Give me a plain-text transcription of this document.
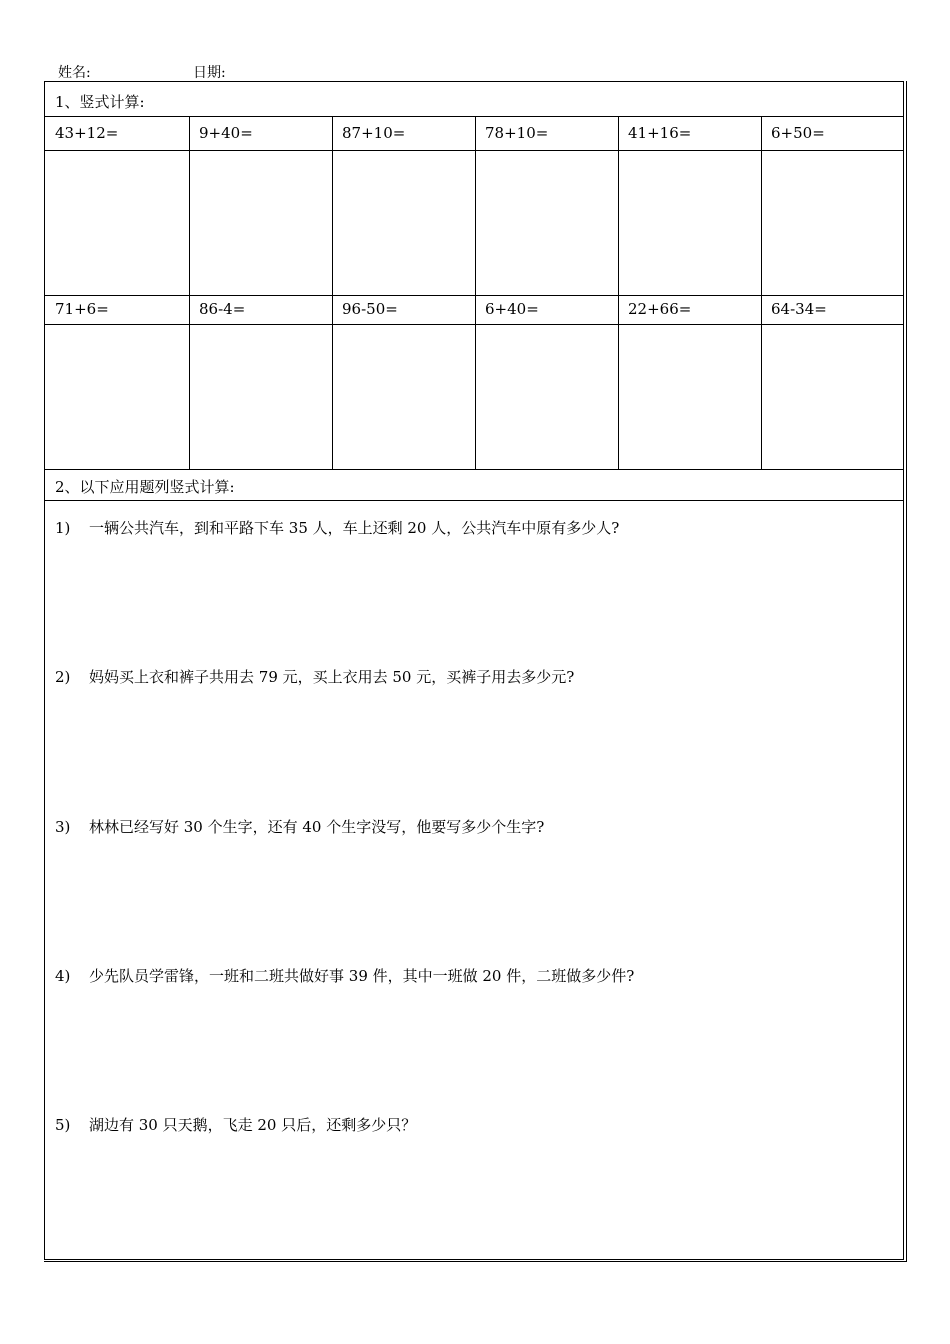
姓名:	日期:
1、竖式计算:
43+12=	9+40=	87+10=	78+10=	41+16=	6+50=
71+6=	86-4=	96-50=	6+40=	22+66=	64-34=
2、以下应用题列竖式计算:
1) 一辆公共汽车，到和平路下车 35 人，车上还剩 20 人，公共汽车中原有多少人?
2) 妈妈买上衣和裤子共用去 79 元，买上衣用去 50 元，买裤子用去多少元?
3) 林林已经写好 30 个生字，还有 40 个生字没写，他要写多少个生字?
4) 少先队员学雷锋，一班和二班共做好事 39 件，其中一班做 20 件，二班做多少件?
5) 湖边有 30 只天鹅，飞走 20 只后，还剩多少只？
